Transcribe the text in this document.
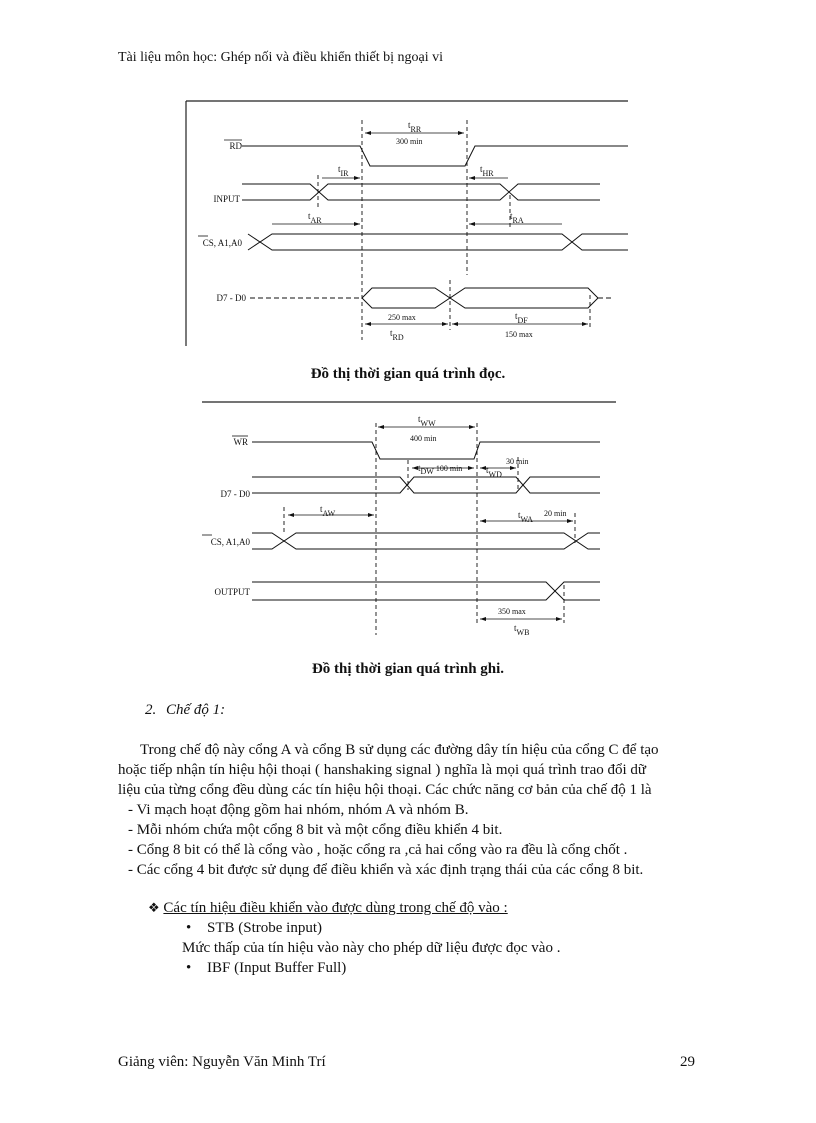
Tài liệu môn học: Ghép nối và điều khiển thiết bị ngoại vi
RD
INPUT
CS, A1,A0
D7 - D0
tRR
300 min
tIR	tHR
tAR	tRA
250 max
tRD
tDF
150 max
Đồ thị thời gian quá trình đọc.
WR
D7 - D0
CS, A1,A0
OUTPUT
tWW
400 min
tDW 100 min	tWD
30 min
tAW	tWA
20 min
350 max
tWB
Đồ thị thời gian quá trình ghi.
2. Chế độ 1:
Trong chế độ này cổng A và cổng B sử dụng các đường dây tín hiệu của cổng C để tạo
hoặc tiếp nhận tín hiệu hội thoại ( hanshaking signal ) nghĩa là mọi quá trình trao đổi dữ
liệu của từng cổng đều dùng các tín hiệu hội thoại. Các chức năng cơ bản của chế độ 1 là
- Vi mạch hoạt động gồm hai nhóm, nhóm A và nhóm B.
- Mỗi nhóm chứa một cổng 8 bit và một cổng điều khiển 4 bit.
- Cổng 8 bit có thể là cổng vào , hoặc cổng ra ,cả hai cổng vào ra đều là cổng chốt .
- Các cổng 4 bit được sử dụng để điều khiển và xác định trạng thái của các cổng 8 bit.
❖ Các tín hiệu điều khiển vào được dùng trong chế độ vào :
• STB (Strobe input)
Mức thấp của tín hiệu vào này cho phép dữ liệu được đọc vào .
• IBF (Input Buffer Full)
Giảng viên: Nguyễn Văn Minh Trí	29
